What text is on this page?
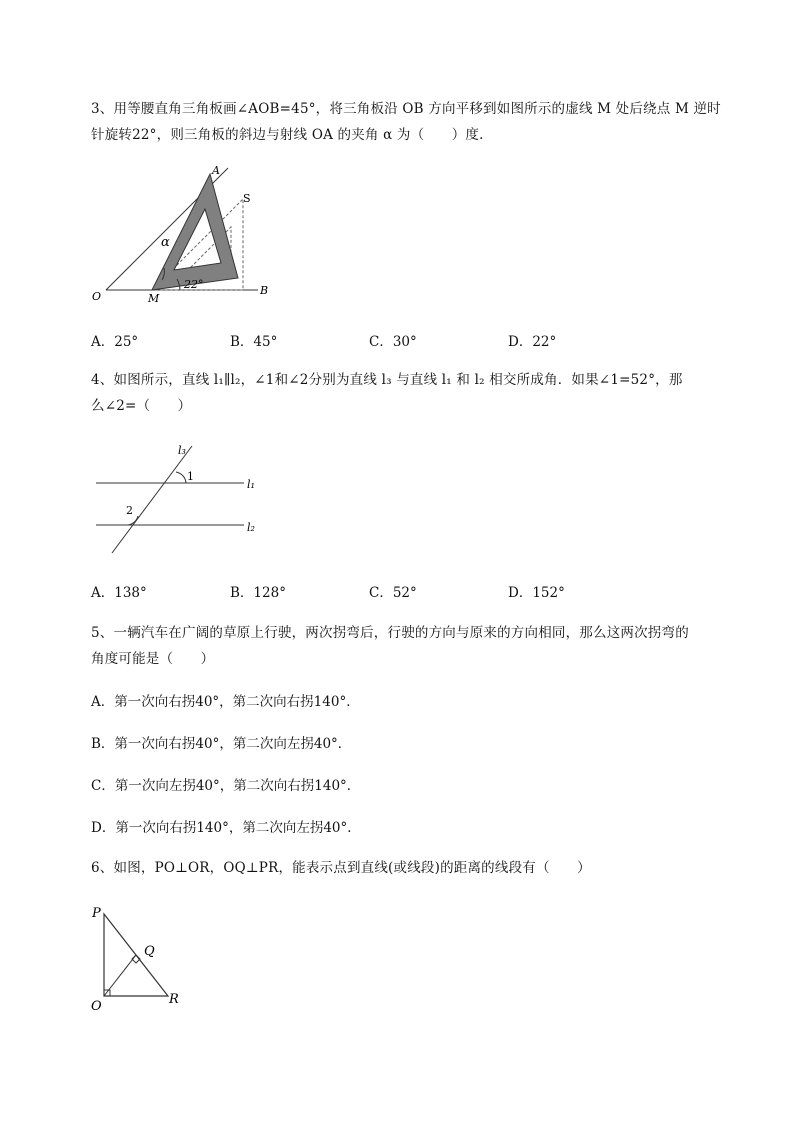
3、用等腰直角三角板画∠AOB=45°，将三角板沿 OB 方向平移到如图所示的虚线 M 处后绕点 M 逆时
针旋转22°，则三角板的斜边与射线 OA 的夹角 α 为（　　）度.
A
S
α
O	M
B
22°
A．25°	B．45°	C．30°	D．22°
4、如图所示，直线 l₁∥l₂，∠1和∠2分别为直线 l₃ 与直线 l₁ 和 l₂ 相交所成角．如果∠1=52°，那
么∠2=（　　）
l₃
1
l₁
2
l₂
A．138°	B．128°	C．52°	D．152°
5、一辆汽车在广阔的草原上行驶，两次拐弯后，行驶的方向与原来的方向相同，那么这两次拐弯的
角度可能是（　　）
A．第一次向右拐40°，第二次向右拐140°．
B．第一次向右拐40°，第二次向左拐40°．
C．第一次向左拐40°，第二次向右拐140°．
D．第一次向右拐140°，第二次向左拐40°．
6、如图，PO⊥OR，OQ⊥PR，能表示点到直线(或线段)的距离的线段有（　　）
P
Q
O	R
